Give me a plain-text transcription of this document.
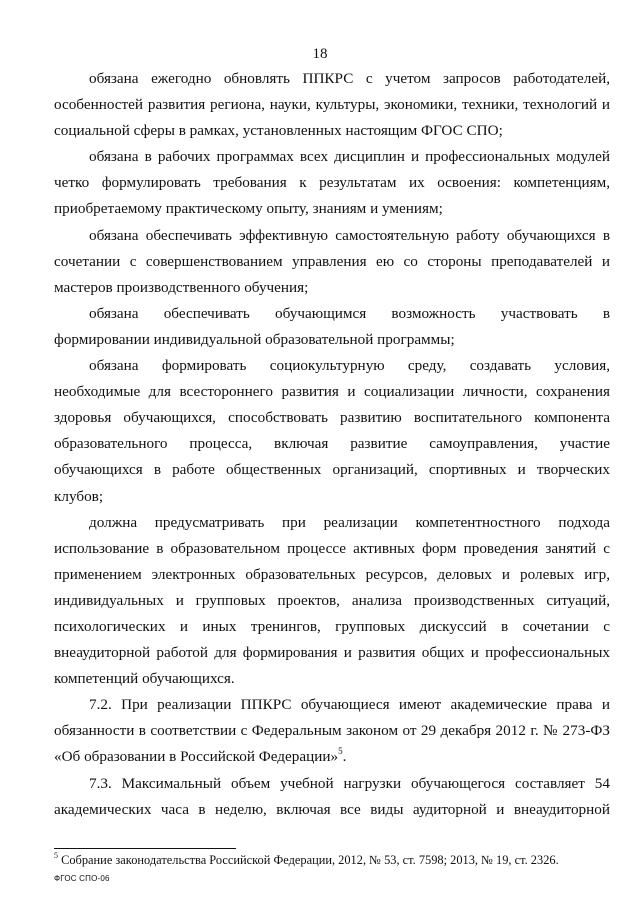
18

обязана ежегодно обновлять ППКРС с учетом запросов работодателей,
особенностей развития региона, науки, культуры, экономики, техники, технологий и
социальной сферы в рамках, установленных настоящим ФГОС СПО;

обязана в рабочих программах всех дисциплин и профессиональных модулей
четко формулировать требования к результатам их освоения: компетенциям,
приобретаемому практическому опыту, знаниям и умениям;

обязана обеспечивать эффективную самостоятельную работу обучающихся в
сочетании с совершенствованием управления ею со стороны преподавателей и
мастеров производственного обучения;

обязана обеспечивать обучающимся возможность участвовать в
формировании индивидуальной образовательной программы;

обязана формировать социокультурную среду, создавать условия,
необходимые для всестороннего развития и социализации личности, сохранения
здоровья обучающихся, способствовать развитию воспитательного компонента
образовательного процесса, включая развитие самоуправления, участие
обучающихся в работе общественных организаций, спортивных и творческих
клубов;

должна предусматривать при реализации компетентностного подхода
использование в образовательном процессе активных форм проведения занятий с
применением электронных образовательных ресурсов, деловых и ролевых игр,
индивидуальных и групповых проектов, анализа производственных ситуаций,
психологических и иных тренингов, групповых дискуссий в сочетании с
внеаудиторной работой для формирования и развития общих и профессиональных
компетенций обучающихся.

7.2. При реализации ППКРС обучающиеся имеют академические права и
обязанности в соответствии с Федеральным законом от 29 декабря 2012 г. № 273-ФЗ
«Об образовании в Российской Федерации»$^5$.

7.3. Максимальный объем учебной нагрузки обучающегося составляет 54
академических часа в неделю, включая все виды аудиторной и внеаудиторной

$^5$ Собрание законодательства Российской Федерации, 2012, № 53, ст. 7598; 2013, № 19, ст. 2326.
ФГОС СПО-06
